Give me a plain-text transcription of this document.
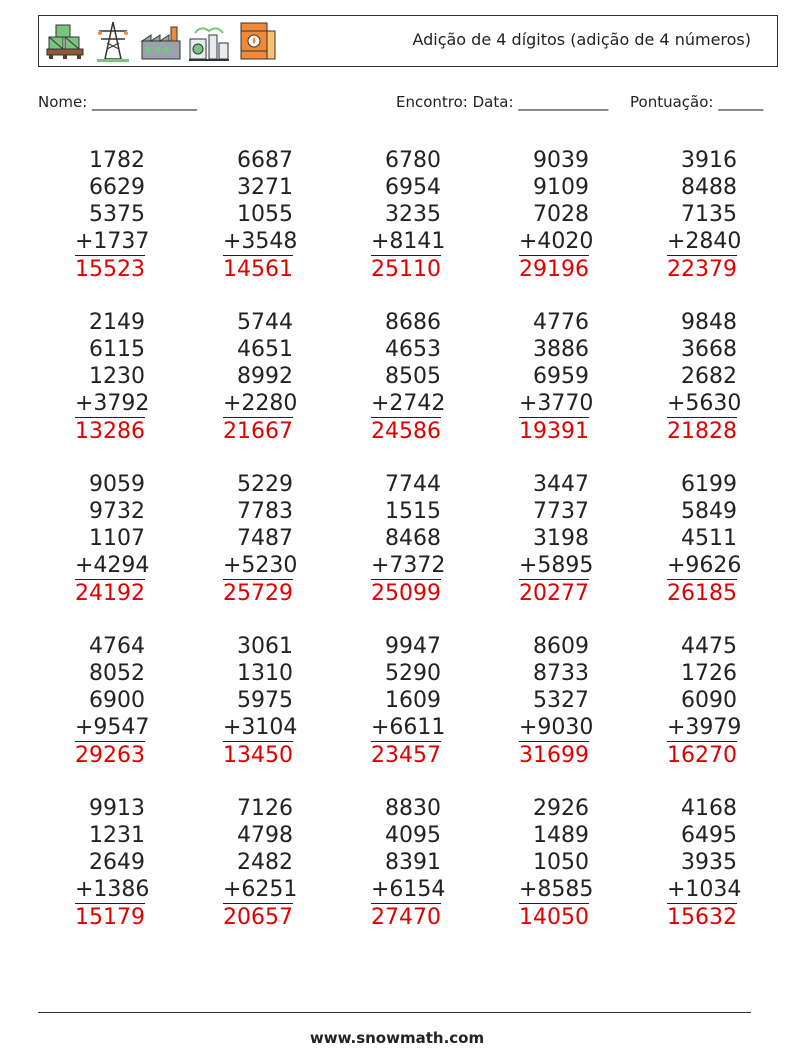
Adição de 4 dígitos (adição de 4 números)
Nome: ______________	Encontro: Data: ____________ Pontuação: ______
1782
6629
5375
+1737
15523
6687
3271
1055
+3548
14561
6780
6954
3235
+8141
25110
9039
9109
7028
+4020
29196
3916
8488
7135
+2840
22379
2149
6115
1230
+3792
13286
5744
4651
8992
+2280
21667
8686
4653
8505
+2742
24586
4776
3886
6959
+3770
19391
9848
3668
2682
+5630
21828
9059
9732
1107
+4294
24192
5229
7783
7487
+5230
25729
7744
1515
8468
+7372
25099
3447
7737
3198
+5895
20277
6199
5849
4511
+9626
26185
4764
8052
6900
+9547
29263
3061
1310
5975
+3104
13450
9947
5290
1609
+6611
23457
8609
8733
5327
+9030
31699
4475
1726
6090
+3979
16270
9913
1231
2649
+1386
15179
7126
4798
2482
+6251
20657
8830
4095
8391
+6154
27470
2926
1489
1050
+8585
14050
4168
6495
3935
+1034
15632
www.snowmath.com
